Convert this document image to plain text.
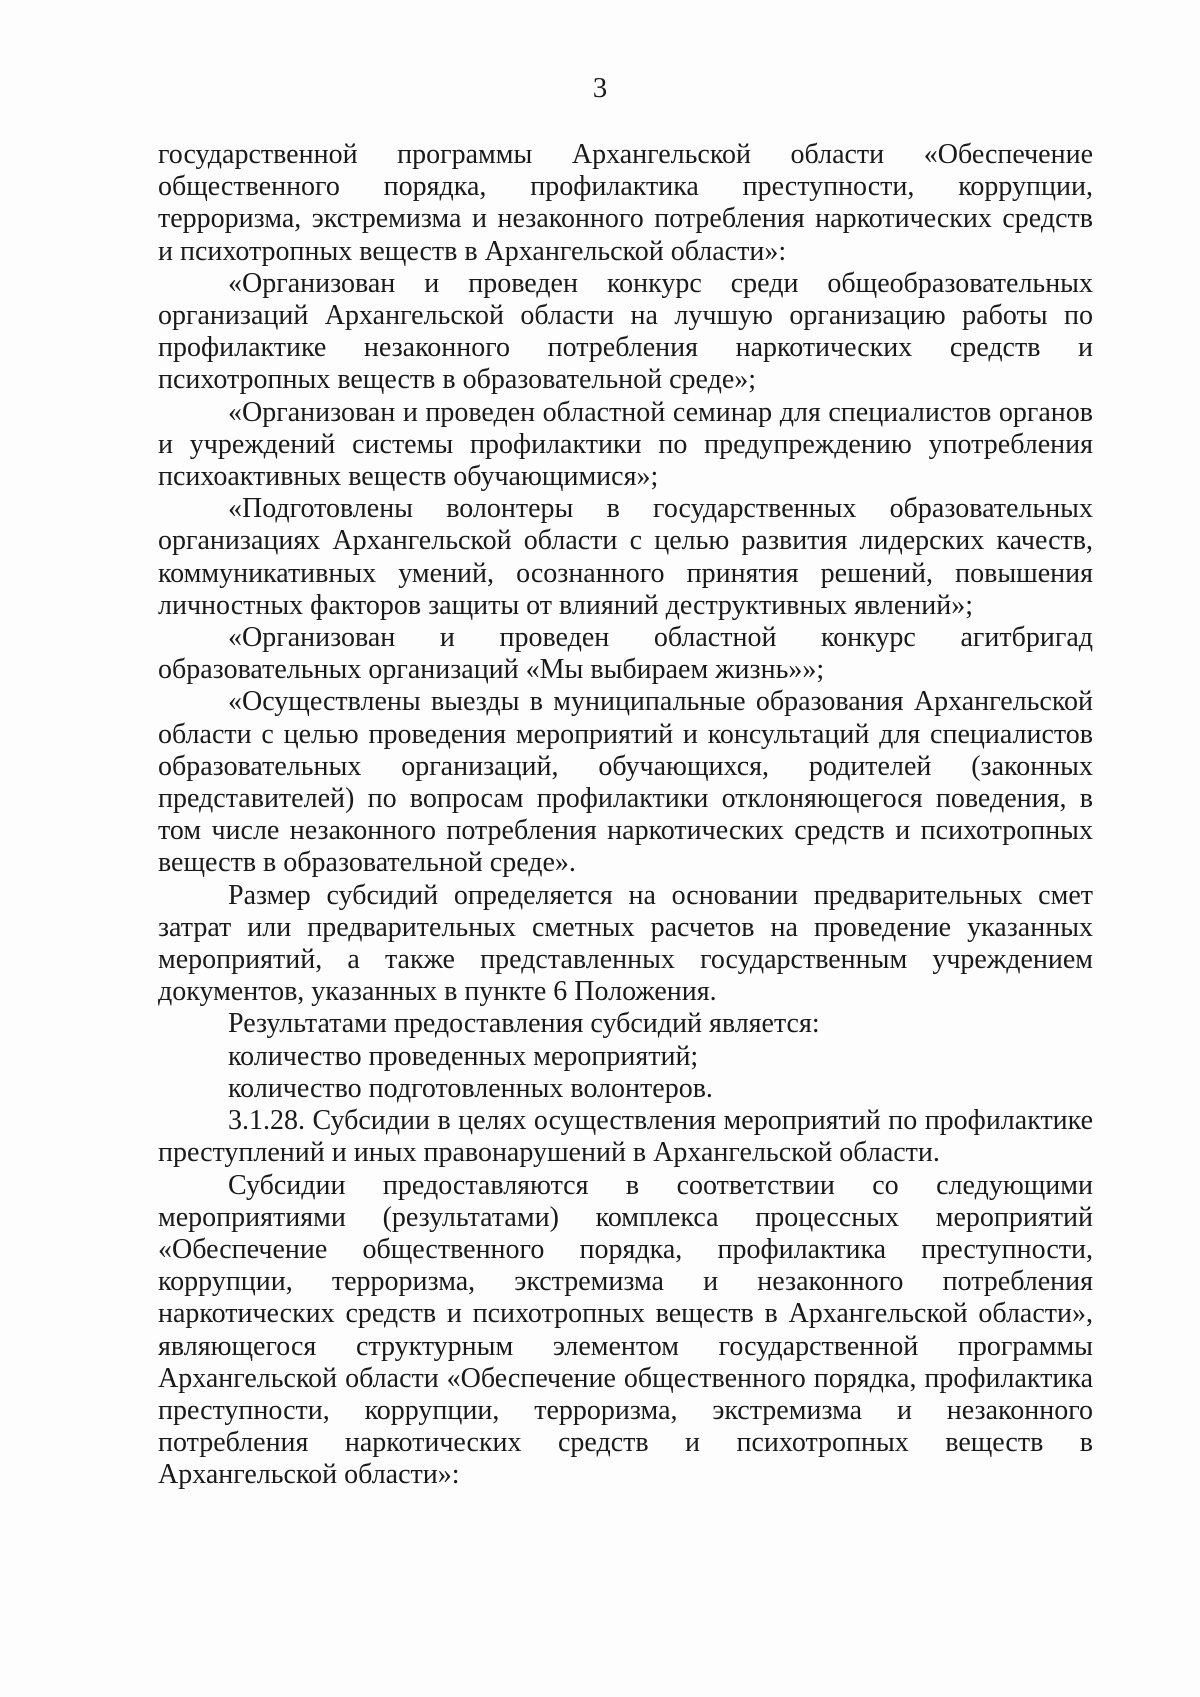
3

государственной программы Архангельской области «Обеспечение общественного порядка, профилактика преступности, коррупции, терроризма, экстремизма и незаконного потребления наркотических средств и психотропных веществ в Архангельской области»:

«Организован и проведен конкурс среди общеобразовательных организаций Архангельской области на лучшую организацию работы по профилактике незаконного потребления наркотических средств и психотропных веществ в образовательной среде»;

«Организован и проведен областной семинар для специалистов органов и учреждений системы профилактики по предупреждению употребления психоактивных веществ обучающимися»;

«Подготовлены волонтеры в государственных образовательных организациях Архангельской области с целью развития лидерских качеств, коммуникативных умений, осознанного принятия решений, повышения личностных факторов защиты от влияний деструктивных явлений»;

«Организован и проведен областной конкурс агитбригад образовательных организаций «Мы выбираем жизнь»»;

«Осуществлены выезды в муниципальные образования Архангельской области с целью проведения мероприятий и консультаций для специалистов образовательных организаций, обучающихся, родителей (законных представителей) по вопросам профилактики отклоняющегося поведения, в том числе незаконного потребления наркотических средств и психотропных веществ в образовательной среде».

Размер субсидий определяется на основании предварительных смет затрат или предварительных сметных расчетов на проведение указанных мероприятий, а также представленных государственным учреждением документов, указанных в пункте 6 Положения.

Результатами предоставления субсидий является:

количество проведенных мероприятий;

количество подготовленных волонтеров.

3.1.28. Субсидии в целях осуществления мероприятий по профилактике преступлений и иных правонарушений в Архангельской области.

Субсидии предоставляются в соответствии со следующими мероприятиями (результатами) комплекса процессных мероприятий «Обеспечение общественного порядка, профилактика преступности, коррупции, терроризма, экстремизма и незаконного потребления наркотических средств и психотропных веществ в Архангельской области», являющегося структурным элементом государственной программы Архангельской области «Обеспечение общественного порядка, профилактика преступности, коррупции, терроризма, экстремизма и незаконного потребления наркотических средств и психотропных веществ в Архангельской области»:
